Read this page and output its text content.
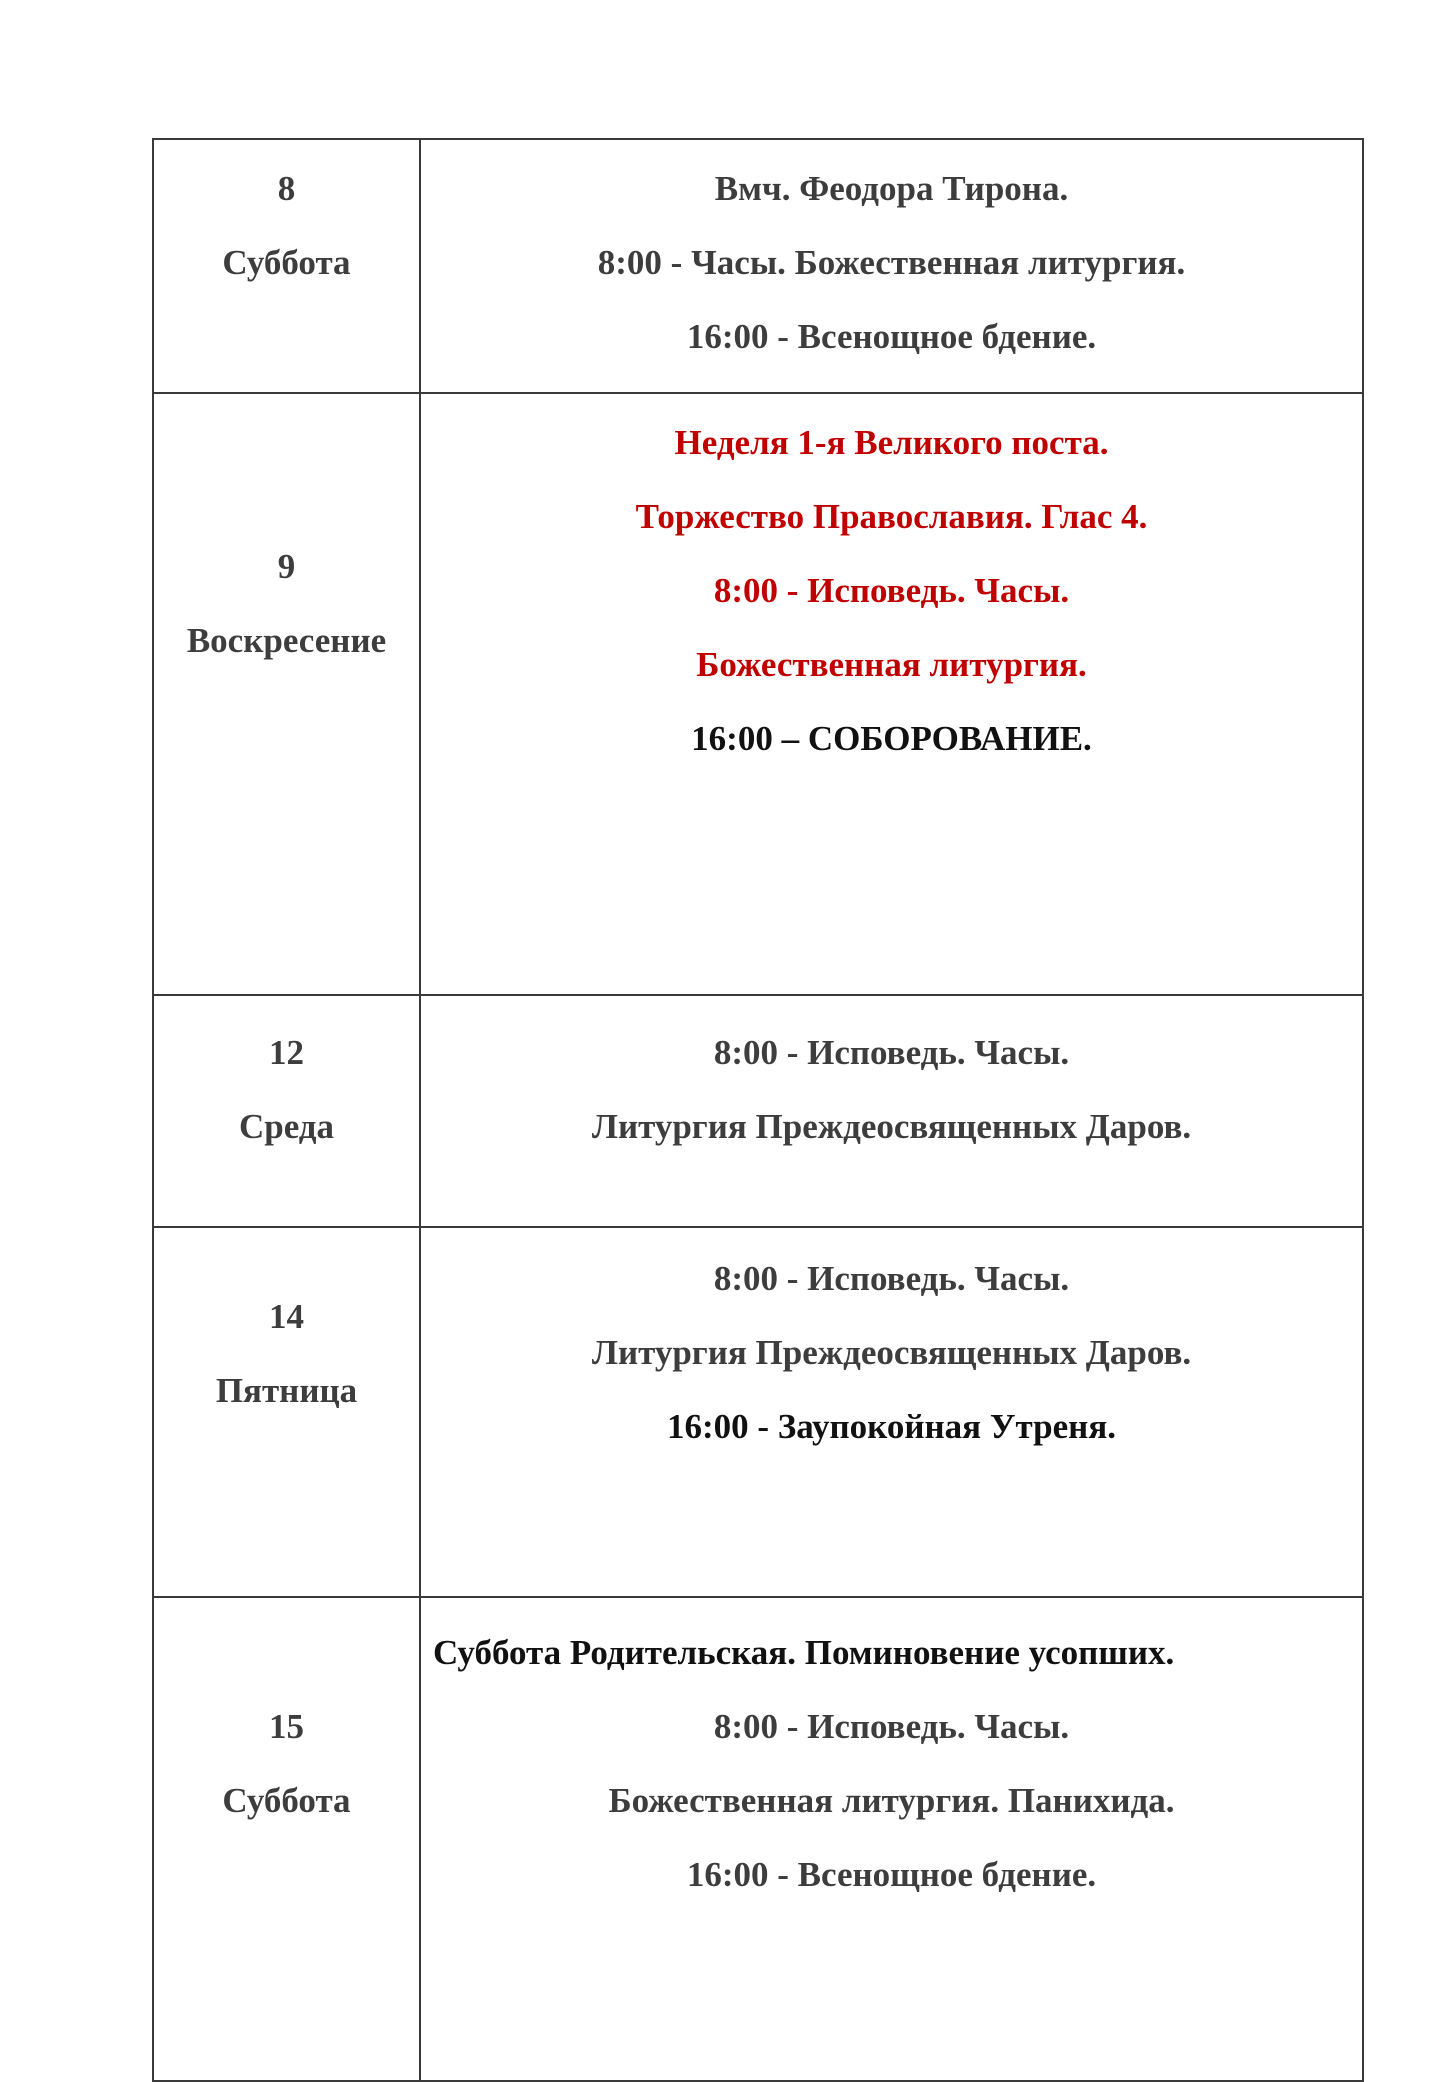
8
Суббота	Вмч. Феодора Тирона.
8:00 - Часы. Божественная литургия.
16:00 - Всенощное бдение.

9
Воскресение	Неделя 1-я Великого поста.
Торжество Православия. Глас 4.
8:00 - Исповедь. Часы.
Божественная литургия.
16:00 – СОБОРОВАНИЕ.

12
Среда	8:00 - Исповедь. Часы.
Литургия Преждеосвященных Даров.

14
Пятница	8:00 - Исповедь. Часы.
Литургия Преждеосвященных Даров.
16:00 - Заупокойная Утреня.

15
Суббота	Суббота Родительская. Поминовение усопших.
8:00 - Исповедь. Часы.
Божественная литургия. Панихида.
16:00 - Всенощное бдение.
